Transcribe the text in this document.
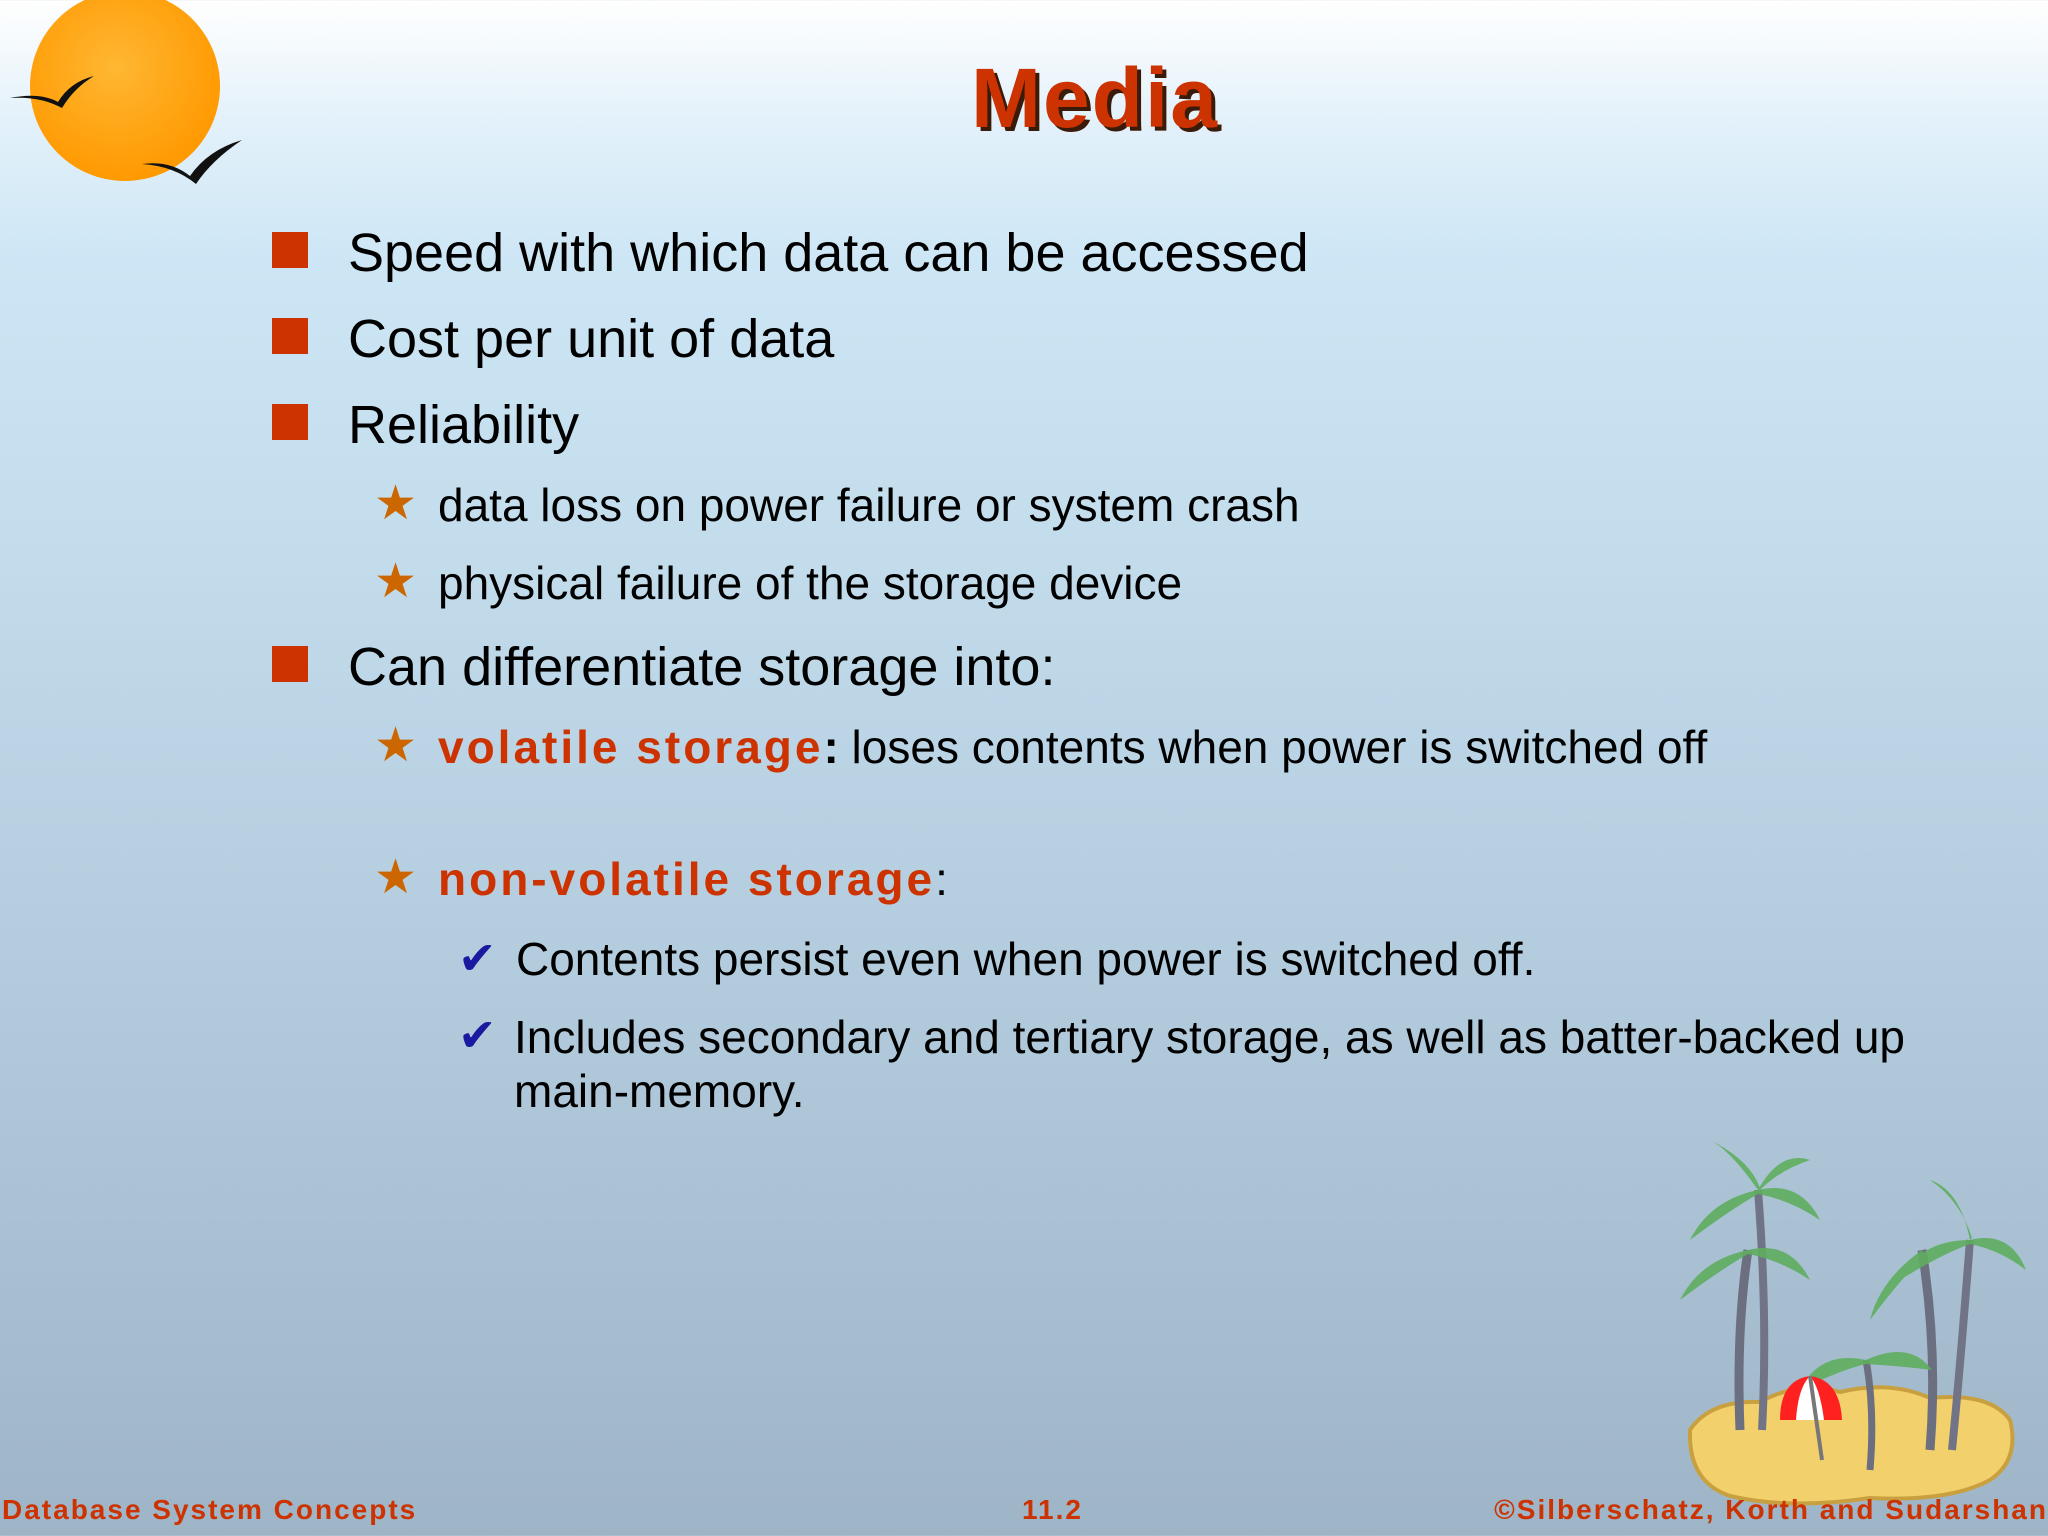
Media
Speed with which data can be accessed
Cost per unit of data
Reliability
★ data loss on power failure or system crash
★ physical failure of the storage device
Can differentiate storage into:
★ volatile storage: loses contents when power is switched off
★ non-volatile storage:
✔ Contents persist even when power is switched off.
✔ Includes secondary and tertiary storage, as well as batter-backed up main-memory.
Database System Concepts	11.2	©Silberschatz, Korth and Sudarshan
